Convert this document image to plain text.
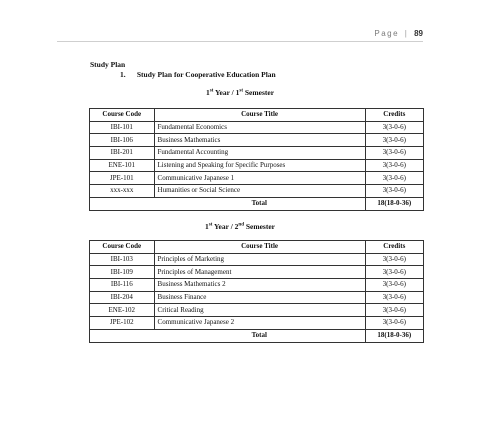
Page | 89
Study Plan
1. Study Plan for Cooperative Education Plan
1st Year / 1st Semester
Course Code	Course Title	Credits
IBI-101	Fundamental Economics	3(3-0-6)
IBI-106	Business Mathematics	3(3-0-6)
IBI-201	Fundamental Accounting	3(3-0-6)
ENE-101	Listening and Speaking for Specific Purposes	3(3-0-6)
JPE-101	Communicative Japanese 1	3(3-0-6)
xxx-xxx	Humanities or Social Science	3(3-0-6)
	Total	18(18-0-36)
1st Year / 2nd Semester
Course Code	Course Title	Credits
IBI-103	Principles of Marketing	3(3-0-6)
IBI-109	Principles of Management	3(3-0-6)
IBI-116	Business Mathematics 2	3(3-0-6)
IBI-204	Business Finance	3(3-0-6)
ENE-102	Critical Reading	3(3-0-6)
JPE-102	Communicative Japanese 2	3(3-0-6)
	Total	18(18-0-36)
